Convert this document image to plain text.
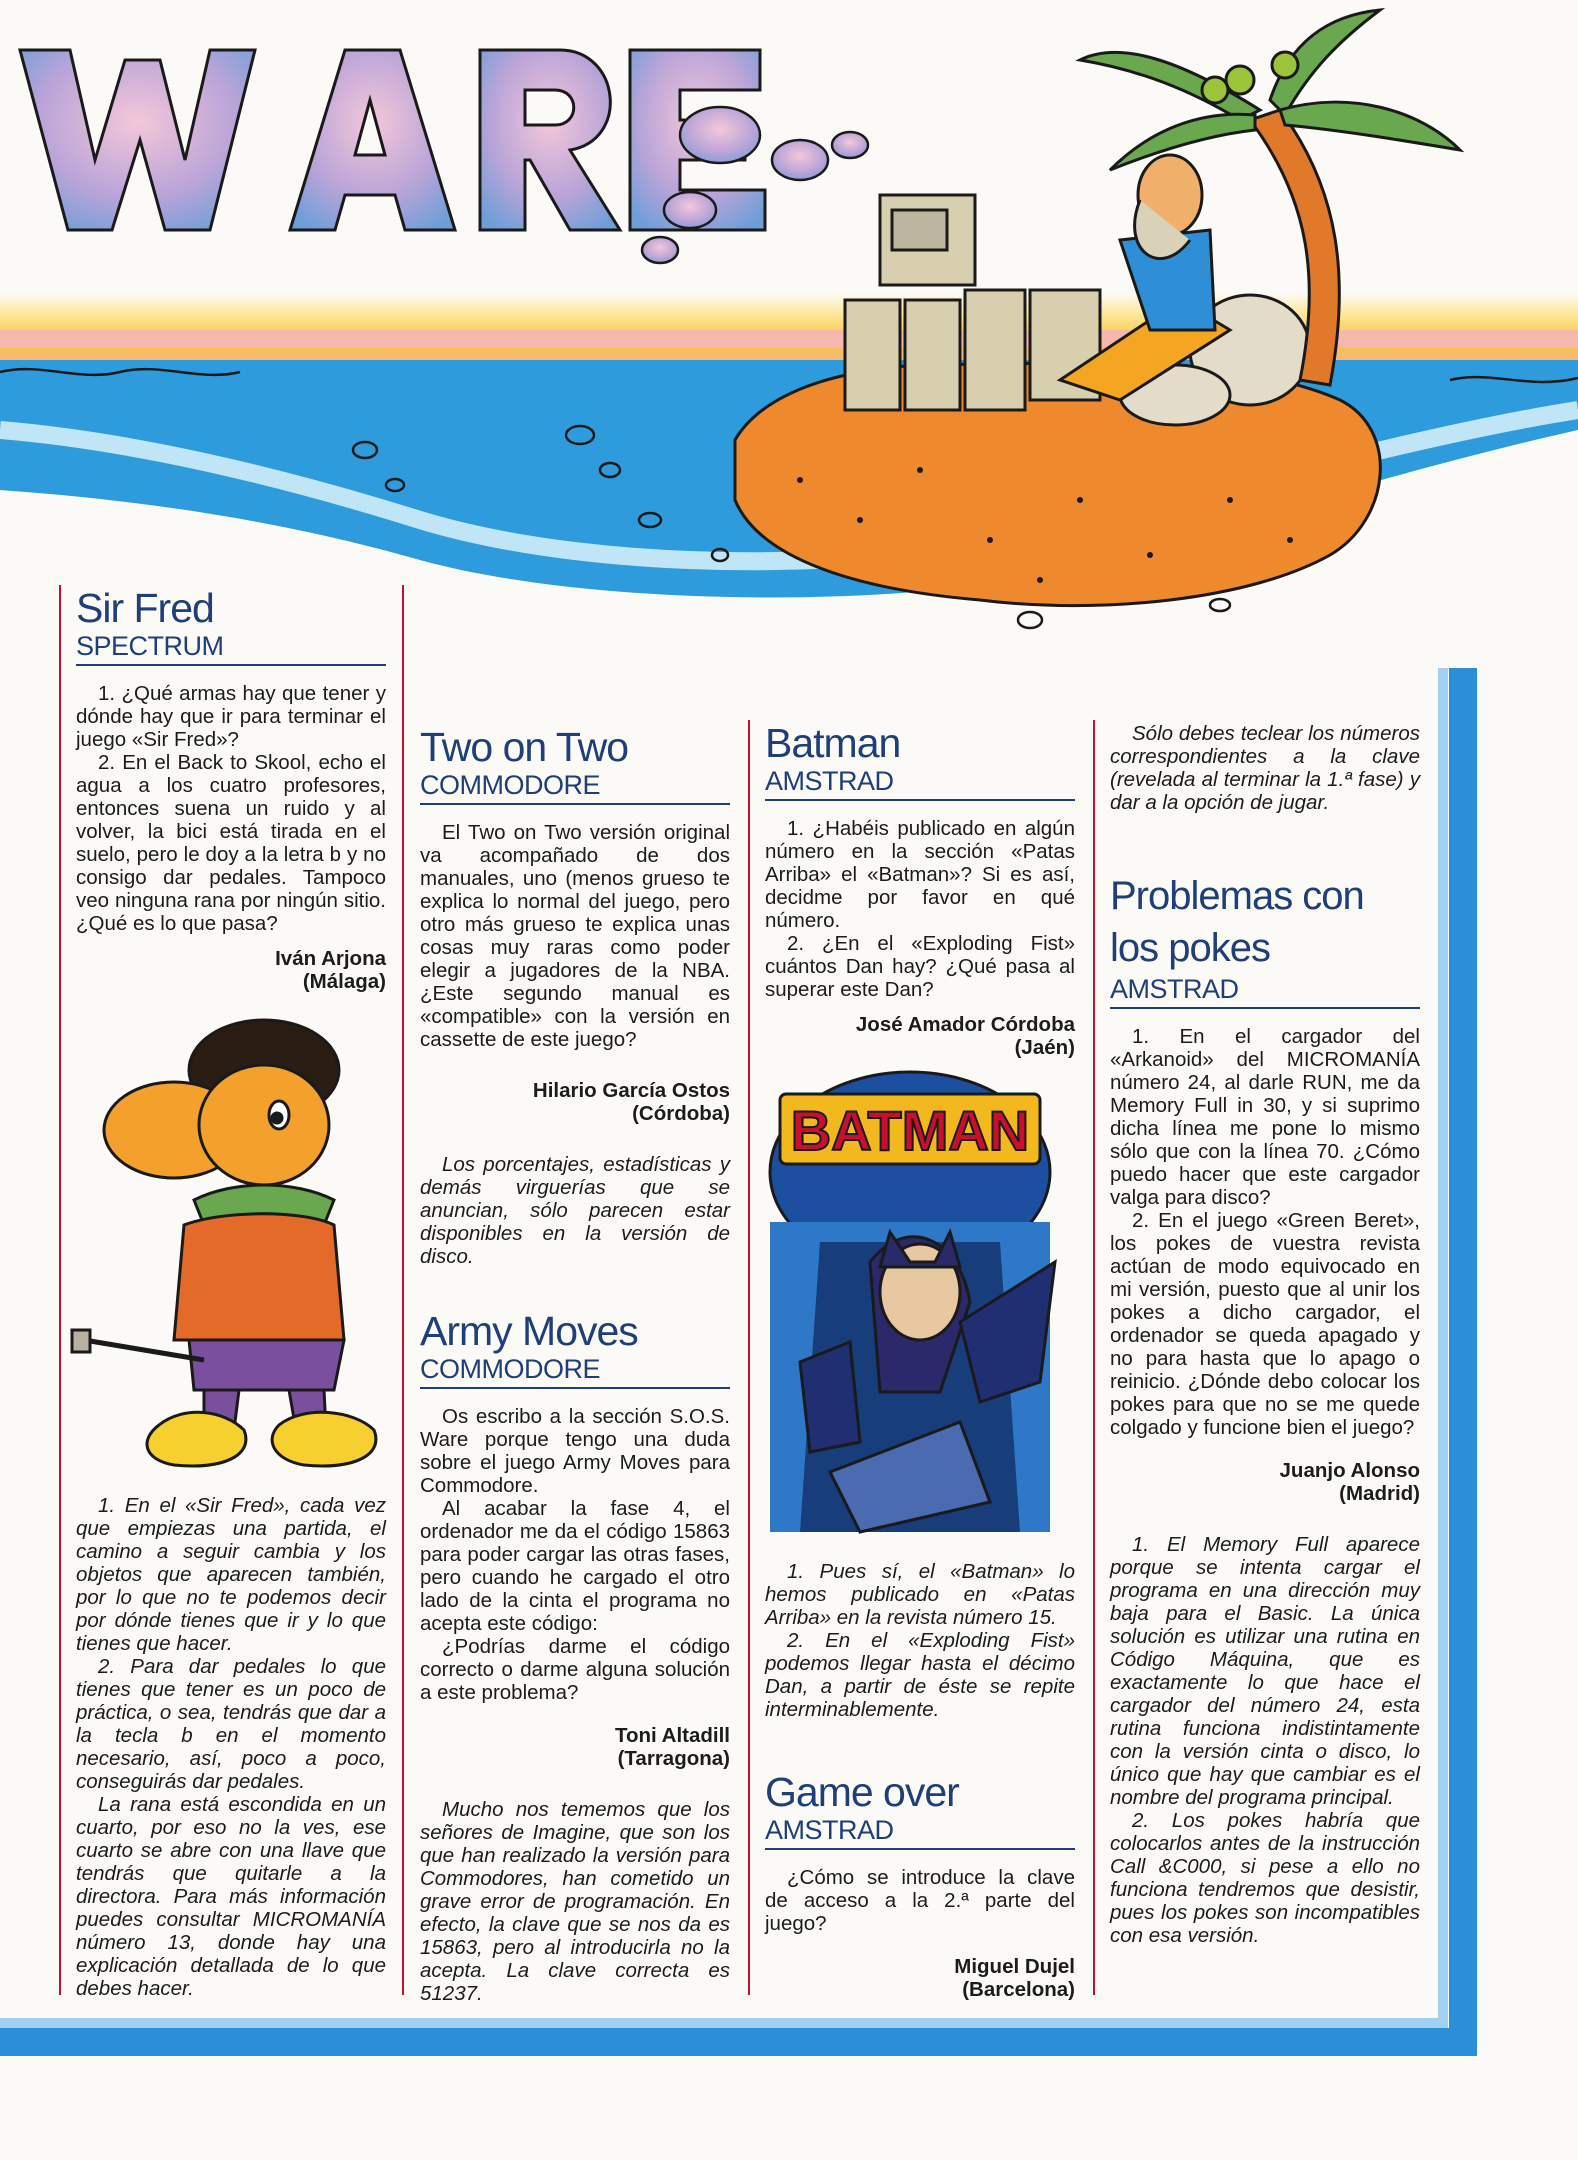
Sir Fred
SPECTRUM

1. ¿Qué armas hay que tener y dónde hay que ir para terminar el juego «Sir Fred»?

2. En el Back to Skool, echo el agua a los cuatro profesores, entonces suena un ruido y al volver, la bici está tirada en el suelo, pero le doy a la letra b y no consigo dar pedales. Tampoco veo ninguna rana por ningún sitio. ¿Qué es lo que pasa?

Iván Arjona
(Málaga)

1. En el «Sir Fred», cada vez que empiezas una partida, el camino a seguir cambia y los objetos que aparecen también, por lo que no te podemos decir por dónde tienes que ir y lo que tienes que hacer.

2. Para dar pedales lo que tienes que tener es un poco de práctica, o sea, tendrás que dar a la tecla b en el momento necesario, así, poco a poco, conseguirás dar pedales.

La rana está escondida en un cuarto, por eso no la ves, ese cuarto se abre con una llave que tendrás que quitarle a la directora. Para más información puedes consultar MICROMANÍA número 13, donde hay una explicación detallada de lo que debes hacer.

Two on Two
COMMODORE

El Two on Two versión original va acompañado de dos manuales, uno (menos grueso te explica lo normal del juego, pero otro más grueso te explica unas cosas muy raras como poder elegir a jugadores de la NBA. ¿Este segundo manual es «compatible» con la versión en cassette de este juego?

Hilario García Ostos
(Córdoba)

Los porcentajes, estadísticas y demás virguerías que se anuncian, sólo parecen estar disponibles en la versión de disco.

Army Moves
COMMODORE

Os escribo a la sección S.O.S. Ware porque tengo una duda sobre el juego Army Moves para Commodore.

Al acabar la fase 4, el ordenador me da el código 15863 para poder cargar las otras fases, pero cuando he cargado el otro lado de la cinta el programa no acepta este código:

¿Podrías darme el código correcto o darme alguna solución a este problema?

Toni Altadill
(Tarragona)

Mucho nos tememos que los señores de Imagine, que son los que han realizado la versión para Commodores, han cometido un grave error de programación. En efecto, la clave que se nos da es 15863, pero al introducirla no la acepta. La clave correcta es 51237.

Batman
AMSTRAD

1. ¿Habéis publicado en algún número en la sección «Patas Arriba» el «Batman»? Si es así, decidme por favor en qué número.

2. ¿En el «Exploding Fist» cuántos Dan hay? ¿Qué pasa al superar este Dan?

José Amador Córdoba
(Jaén)
BATMAN

1. Pues sí, el «Batman» lo hemos publicado en «Patas Arriba» en la revista número 15.

2. En el «Exploding Fist» podemos llegar hasta el décimo Dan, a partir de éste se repite interminablemente.

Game over
AMSTRAD

¿Cómo se introduce la clave de acceso a la 2.ª parte del juego?

Miguel Dujel
(Barcelona)

Sólo debes teclear los números correspondientes a la clave (revelada al terminar la 1.ª fase) y dar a la opción de jugar.

Problemas con los pokes
AMSTRAD

1. En el cargador del «Arkanoid» del MICROMANÍA número 24, al darle RUN, me da Memory Full in 30, y si suprimo dicha línea me pone lo mismo sólo que con la línea 70. ¿Cómo puedo hacer que este cargador valga para disco?

2. En el juego «Green Beret», los pokes de vuestra revista actúan de modo equivocado en mi versión, puesto que al unir los pokes a dicho cargador, el ordenador se queda apagado y no para hasta que lo apago o reinicio. ¿Dónde debo colocar los pokes para que no se me quede colgado y funcione bien el juego?

Juanjo Alonso
(Madrid)

1. El Memory Full aparece porque se intenta cargar el programa en una dirección muy baja para el Basic. La única solución es utilizar una rutina en Código Máquina, que es exactamente lo que hace el cargador del número 24, esta rutina funciona indistintamente con la versión cinta o disco, lo único que hay que cambiar es el nombre del programa principal.

2. Los pokes habría que colocarlos antes de la instrucción Call &C000, si pese a ello no funciona tendremos que desistir, pues los pokes son incompatibles con esa versión.
